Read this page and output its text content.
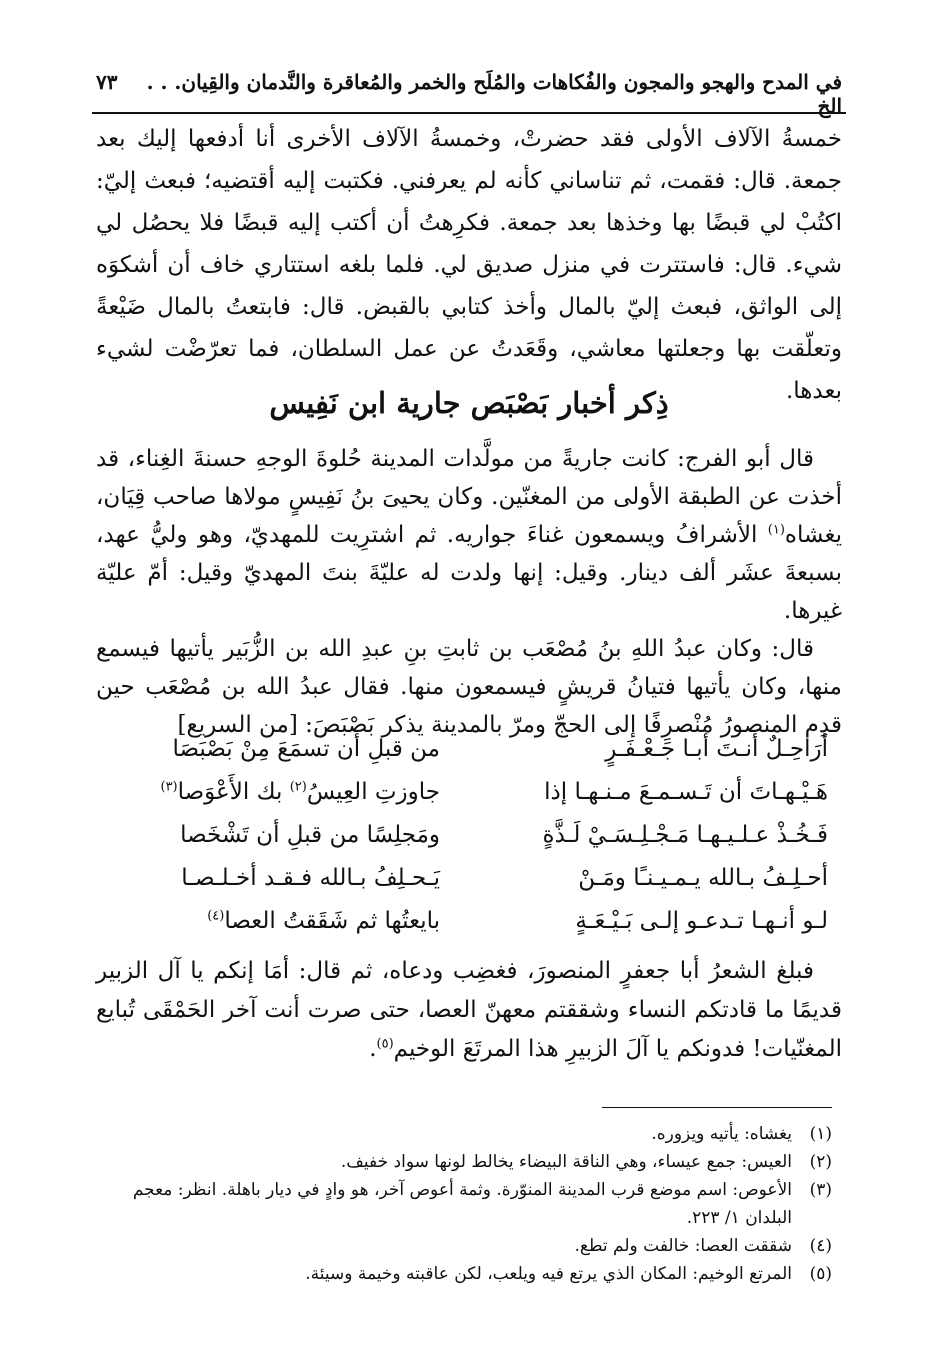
في المدح والهجو والمجون والفُكاهات والمُلَح والخمر والمُعاقرة والنَّدمان والقِيان. . . الخ
٧٣

خمسةُ الآلاف الأولى فقد حضرتْ، وخمسةُ الآلاف الأخرى أنا أدفعها إليك بعد جمعة. قال: فقمت، ثم تناساني كأنه لم يعرفني. فكتبت إليه أقتضيه؛ فبعث إليّ: اكتُبْ لي قبضًا بها وخذها بعد جمعة. فكرِهتُ أن أكتب إليه قبضًا فلا يحصُل لي شيء. قال: فاستترت في منزل صديق لي. فلما بلغه استتاري خاف أن أشكوَه إلى الواثق، فبعث إليّ بالمال وأخذ كتابي بالقبض. قال: فابتعتُ بالمال ضَيْعةً وتعلّقت بها وجعلتها معاشي، وقَعَدتُ عن عمل السلطان، فما تعرّضْت لشيء بعدها.

ذِكر أخبار بَصْبَص جارية ابن نَفِيس

قال أبو الفرج: كانت جاريةً من مولَّدات المدينة حُلوةَ الوجهِ حسنةَ الغِناء، قد أخذت عن الطبقة الأولى من المغنّين. وكان يحيىَ بنُ نَفِيسٍ مولاها صاحب قِيَان، يغشاه$^{(١)}$ الأشرافُ ويسمعون غناءَ جواريه. ثم اشترِيت للمهديّ، وهو وليُّ عهد، بسبعةَ عشَر ألف دينار. وقيل: إنها ولدت له عليّةَ بنتَ المهديّ وقيل: أمّ عليّة غيرها.

قال: وكان عبدُ اللهِ بنُ مُصْعَب بن ثابتِ بنِ عبدِ الله بن الزُّبَير يأتيها فيسمع منها، وكان يأتيها فتيانُ قريشٍ فيسمعون منها. فقال عبدُ الله بن مُصْعَب حين قدِم المنصورُ مُنْصرِفًا إلى الحجّ ومرّ بالمدينة يذكر بَصْبَصَ: [من السريع]

أرَاحِـلٌ أنـتَ أبـا جَـعْـفَـرٍ
من قبلِ أن تسمَعَ مِنْ بَصْبَصَا
هَـيْـهـاتَ أن تَـسـمـعَ مـنـهـا إذا
جاوزتِ العِيسُ$^{(٢)}$ بك الأَعْوَصا$^{(٣)}$
فَـخُـذْ عـلـيـهـا مَـجْـلِـسَـيْ لَـذَّةٍ
ومَجلِسًا من قبلِ أن تَشْخَصا
أحـلِـفُ بـالله يـمـيـنـًا ومَـنْ
يَـحـلِفُ بـالله فـقـد أخـلـصـا
لـو أنـهـا تـدعـو إلـى بَـيْـعَـةٍ
بايعتُها ثم شَقَقتُ العصا$^{(٤)}$

فبلغ الشعرُ أبا جعفرٍ المنصورَ، فغضِب ودعاه، ثم قال: أمَا إنكم يا آل الزبير قديمًا ما قادتكم النساء وشققتم معهنّ العصا، حتى صرت أنت آخر الحَمْقَى تُبايع المغنّيات! فدونكم يا آلَ الزبيرِ هذا المرتَعَ الوخيم$^{(٥)}$.

(١)
يغشاه: يأتيه ويزوره.
(٢)
العيس: جمع عيساء، وهي الناقة البيضاء يخالط لونها سواد خفيف.
(٣)
الأعوص: اسم موضع قرب المدينة المنوّرة. وثمة أعوص آخر، هو وادٍ في ديار باهلة. انظر: معجم البلدان ١/ ٢٢٣.
(٤)
شققت العصا: خالفت ولم تطع.
(٥)
المرتع الوخيم: المكان الذي يرتع فيه ويلعب، لكن عاقبته وخيمة وسيئة.
